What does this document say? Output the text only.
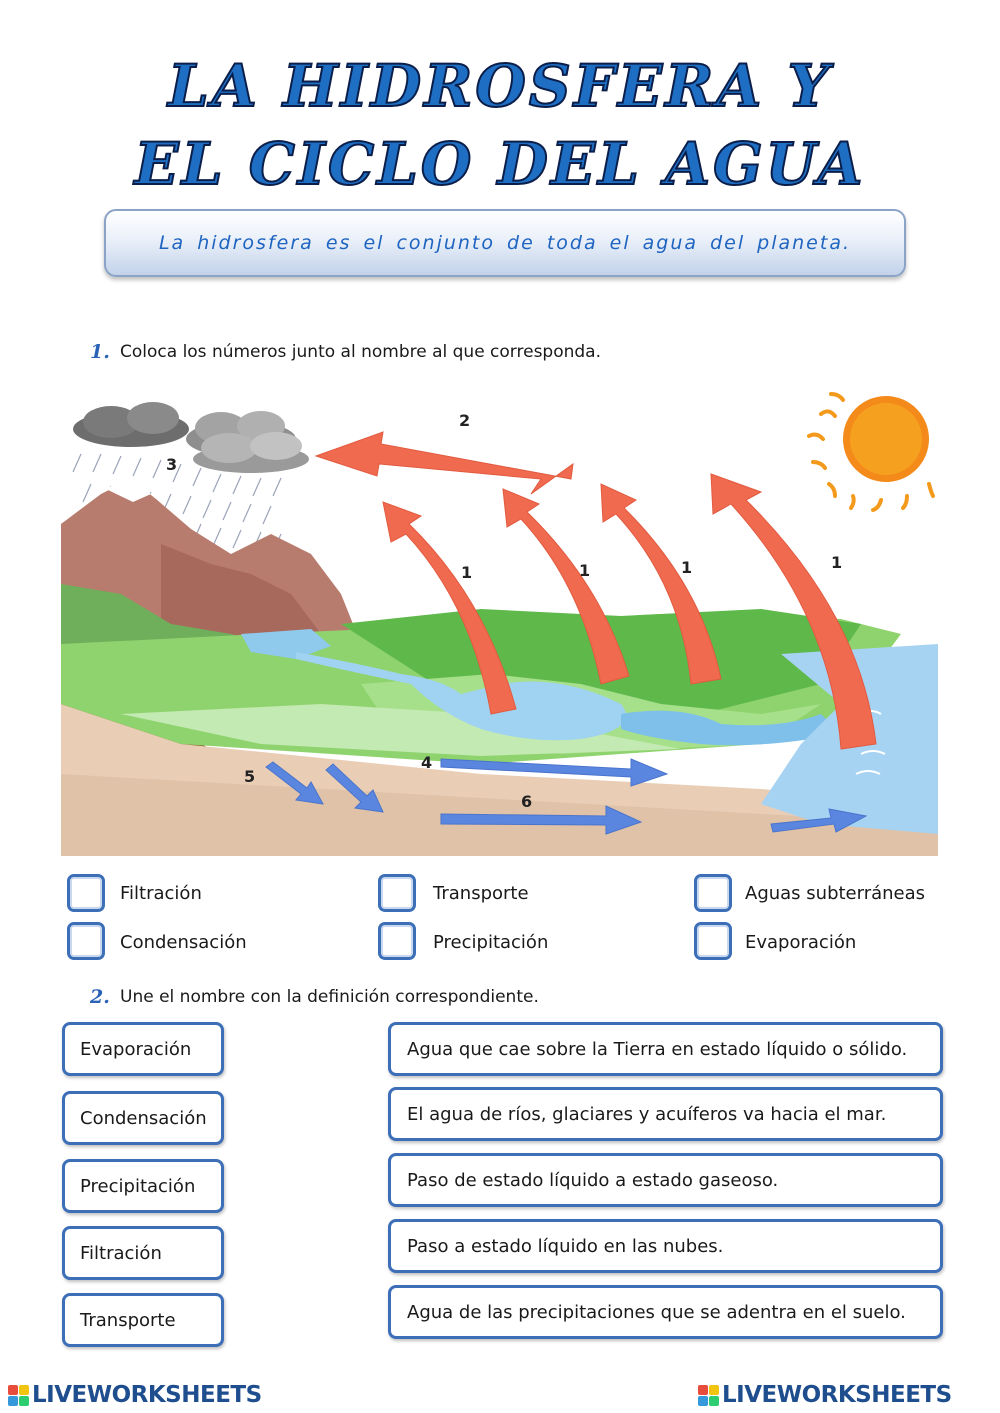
LA HIDROSFERA Y
EL CICLO DEL AGUA
La hidrosfera es el conjunto de toda el agua del planeta.
1. Coloca los números junto al nombre al que corresponda.
2
3
1	1	1	1
4
5
6
Filtración	Transporte	Aguas subterráneas
Condensación	Precipitación	Evaporación
2. Une el nombre con la definición correspondiente.
Evaporación
Condensación
Precipitación
Filtración
Transporte
Agua que cae sobre la Tierra en estado líquido o sólido.
El agua de ríos, glaciares y acuíferos va hacia el mar.
Paso de estado líquido a estado gaseoso.
Paso a estado líquido en las nubes.
Agua de las precipitaciones que se adentra en el suelo.
LIVEWORKSHEETS	LIVEWORKSHEETS
